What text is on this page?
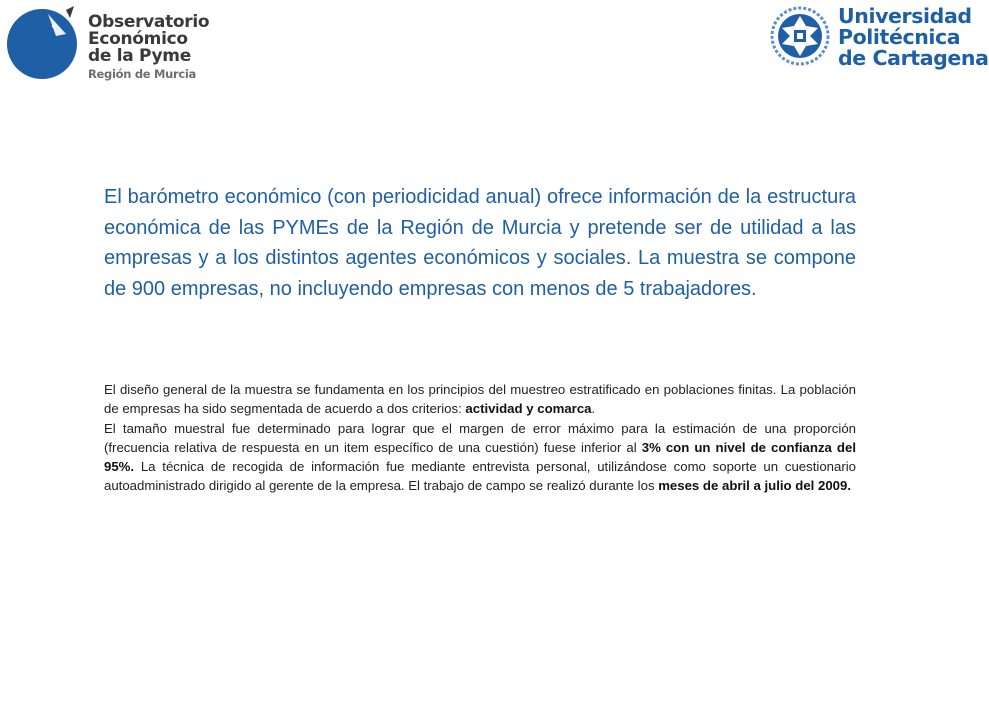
Observatorio
Económico
de la Pyme
Región de Murcia
Universidad
Politécnica
de Cartagena

El barómetro económico (con periodicidad anual) ofrece información de la estructura económica de las PYMEs de la Región de Murcia y pretende ser de utilidad a las empresas y a los distintos agentes económicos y sociales. La muestra se compone de 900 empresas, no incluyendo empresas con menos de 5 trabajadores.

El diseño general de la muestra se fundamenta en los principios del muestreo estratificado en poblaciones finitas. La población de empresas ha sido segmentada de acuerdo a dos criterios: actividad y comarca.
El tamaño muestral fue determinado para lograr que el margen de error máximo para la estimación de una proporción (frecuencia relativa de respuesta en un item específico de una cuestión) fuese inferior al 3% con un nivel de confianza del 95%. La técnica de recogida de información fue mediante entrevista personal, utilizándose como soporte un cuestionario autoadministrado dirigido al gerente de la empresa. El trabajo de campo se realizó durante los meses de abril a julio del 2009.
